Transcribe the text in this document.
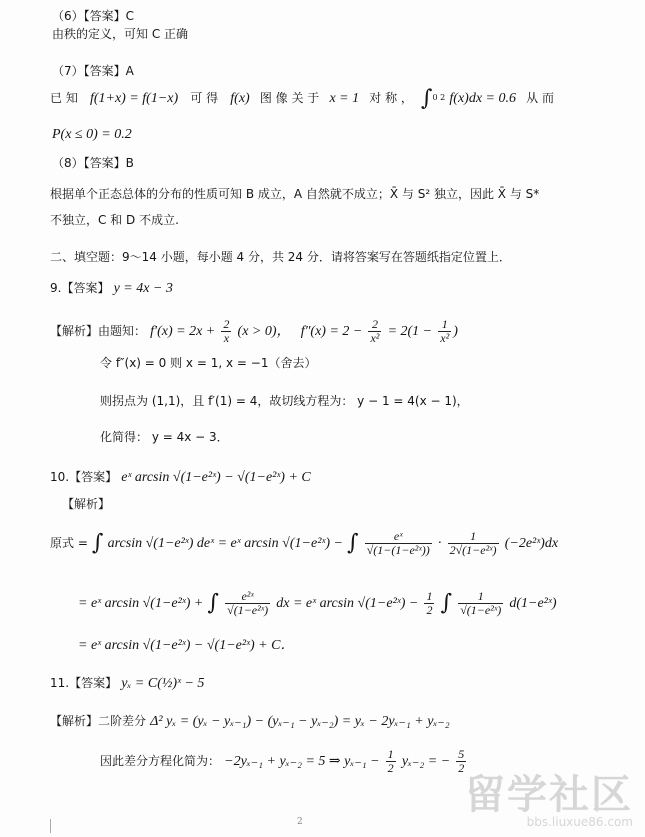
（6）【答案】C
由秩的定义，可知 C 正确
（7）【答案】A
已 知 f(1+x) = f(1−x) 可 得 f(x) 图 像 关 于 x = 1 对 称 ， ∫$^{0 2}$ f(x)dx = 0.6 从 而
P(x ≤ 0) = 0.2
（8）【答案】B
根据单个正态总体的分布的性质可知 B 成立，A 自然就不成立；X̄ 与 S² 独立，因此 X̄ 与 S*
不独立，C 和 D 不成立.
二、填空题：9～14 小题，每小题 4 分，共 24 分．请将答案写在答题纸指定位置上．
9.【答案】 y = 4x − 3
【解析】由题知： $f'(x) = 2x + \frac{2}{x} (x > 0)$， $f''(x) = 2 - \frac{2}{\text{x²}} = 2(1 - \frac{1}{\text{x²}}$ )
令 f″(x) = 0 则 x = 1, x = −1（舍去）
则拐点为 (1,1)，且 f′(1) = 4，故切线方程为： y − 1 = 4(x − 1)，
化简得： y = 4x − 3．
10.【答案】 eˣ arcsin √(1−e²ˣ) − √(1−e²ˣ) + C
【解析】
原式 = ∫ arcsin √(1−e²ˣ) deˣ = eˣ arcsin √(1−e²ˣ) − ∫ $\frac{\text{eˣ}}{\text{√(1−(1−e²ˣ))}} \cdot \frac{1}{\text{2√(1−e²ˣ)}}$ (−2e²ˣ)dx
= eˣ arcsin √(1−e²ˣ) + ∫ $\frac{\text{e²ˣ}}{\text{√(1−e²ˣ)}}$ dx = eˣ arcsin √(1−e²ˣ) − $\frac{1}{2}$ ∫ $\frac{1}{\text{√(1−e²ˣ)}}$ d(1−e²ˣ)
= eˣ arcsin √(1−e²ˣ) − √(1−e²ˣ) + C．
11.【答案】 yₓ = C(½)ˣ − 5
【解析】二阶差分 Δ² yₓ = (yₓ − yₓ₋₁) − (yₓ₋₁ − yₓ₋₂) = yₓ − 2yₓ₋₁ + yₓ₋₂
因此差分方程化简为： −2yₓ₋₁ + yₓ₋₂ = 5 ⇒ $y_{x-1} - \frac{1}{2} y_{x-2}$ = − $\frac{5}{2}$
2
留学社区
bbs.liuxue86.com
